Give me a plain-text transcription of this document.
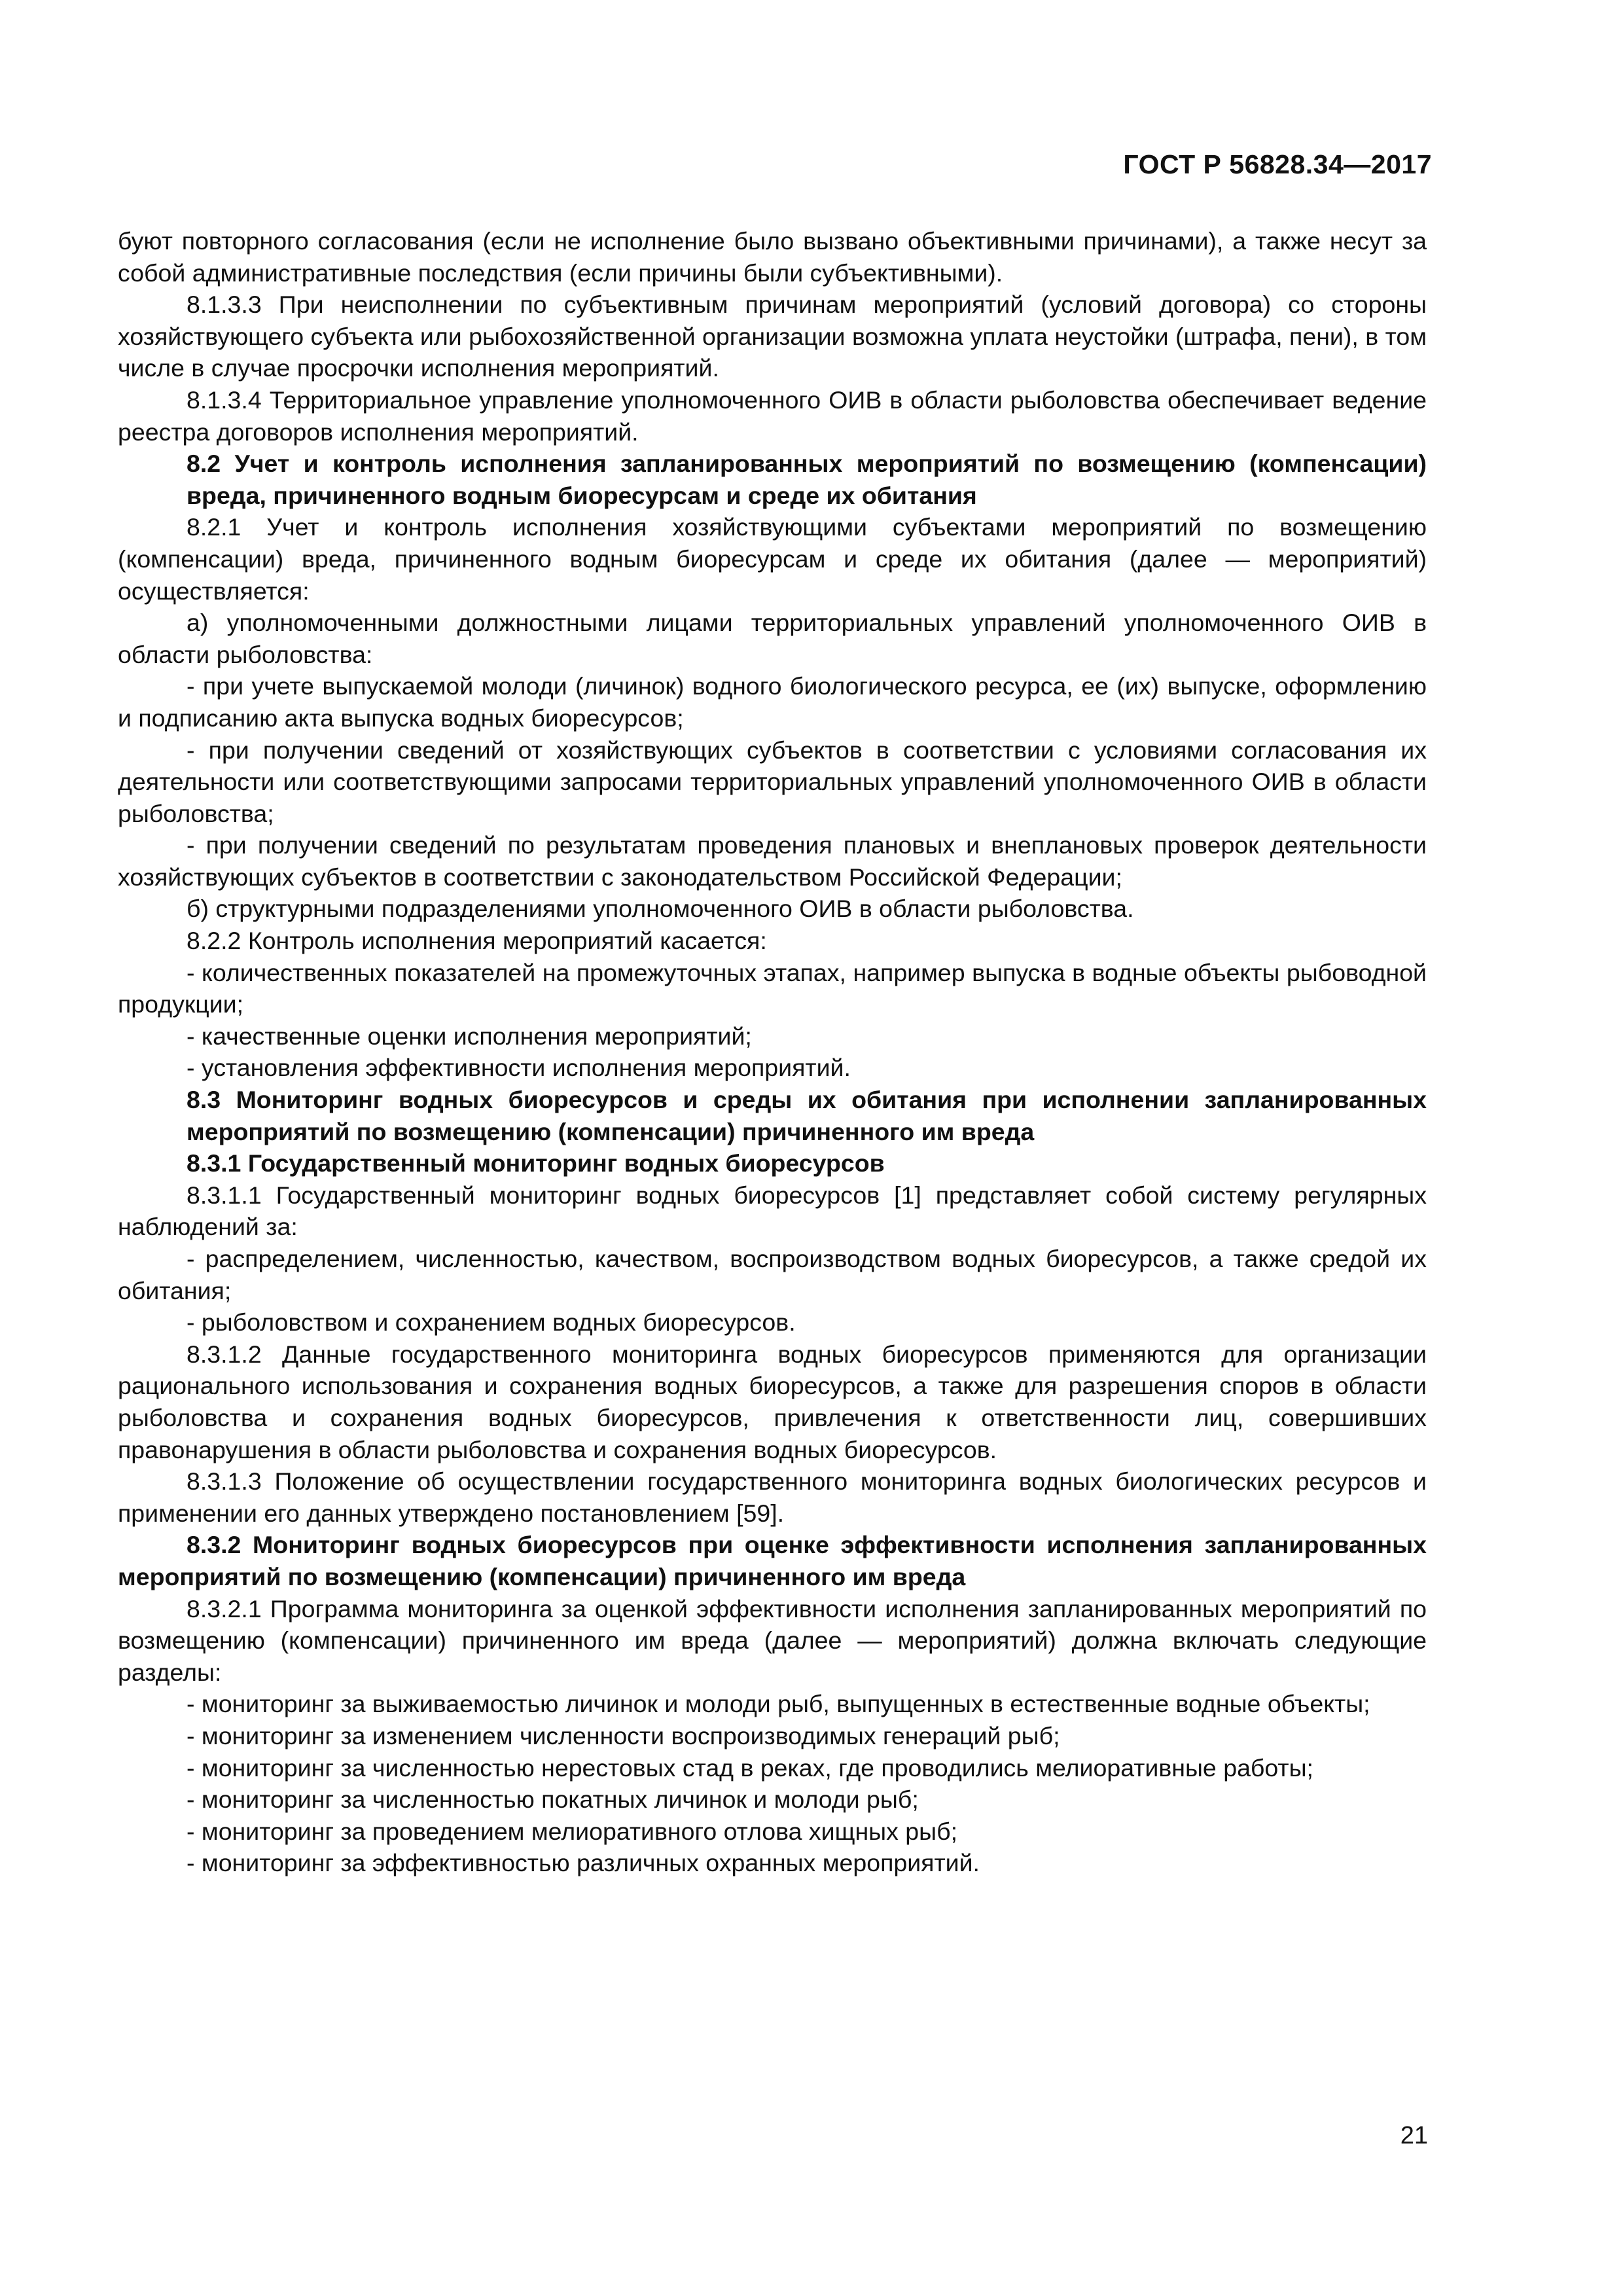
ГОСТ Р 56828.34—2017

буют повторного согласования (если не исполнение было вызвано объективными причинами), а также несут за собой административные последствия (если причины были субъективными).

8.1.3.3 При неисполнении по субъективным причинам мероприятий (условий договора) со стороны хозяйствующего субъекта или рыбохозяйственной организации возможна уплата неустойки (штрафа, пени), в том числе в случае просрочки исполнения мероприятий.

8.1.3.4 Территориальное управление уполномоченного ОИВ в области рыболовства обеспечивает ведение реестра договоров исполнения мероприятий.

8.2 Учет и контроль исполнения запланированных мероприятий по возмещению (компенсации) вреда, причиненного водным биоресурсам и среде их обитания

8.2.1 Учет и контроль исполнения хозяйствующими субъектами мероприятий по возмещению (компенсации) вреда, причиненного водным биоресурсам и среде их обитания (далее — мероприятий) осуществляется:

а) уполномоченными должностными лицами территориальных управлений уполномоченного ОИВ в области рыболовства:

- при учете выпускаемой молоди (личинок) водного биологического ресурса, ее (их) выпуске, оформлению и подписанию акта выпуска водных биоресурсов;

- при получении сведений от хозяйствующих субъектов в соответствии с условиями согласования их деятельности или соответствующими запросами территориальных управлений уполномоченного ОИВ в области рыболовства;

- при получении сведений по результатам проведения плановых и внеплановых проверок деятельности хозяйствующих субъектов в соответствии с законодательством Российской Федерации;

б) структурными подразделениями уполномоченного ОИВ в области рыболовства.

8.2.2 Контроль исполнения мероприятий касается:

- количественных показателей на промежуточных этапах, например выпуска в водные объекты рыбоводной продукции;

- качественные оценки исполнения мероприятий;

- установления эффективности исполнения мероприятий.

8.3 Мониторинг водных биоресурсов и среды их обитания при исполнении запланированных мероприятий по возмещению (компенсации) причиненного им вреда

8.3.1 Государственный мониторинг водных биоресурсов

8.3.1.1 Государственный мониторинг водных биоресурсов [1] представляет собой систему регулярных наблюдений за:

- распределением, численностью, качеством, воспроизводством водных биоресурсов, а также средой их обитания;

- рыболовством и сохранением водных биоресурсов.

8.3.1.2 Данные государственного мониторинга водных биоресурсов применяются для организации рационального использования и сохранения водных биоресурсов, а также для разрешения споров в области рыболовства и сохранения водных биоресурсов, привлечения к ответственности лиц, совершивших правонарушения в области рыболовства и сохранения водных биоресурсов.

8.3.1.3 Положение об осуществлении государственного мониторинга водных биологических ресурсов и применении его данных утверждено постановлением [59].

8.3.2 Мониторинг водных биоресурсов при оценке эффективности исполнения запланированных мероприятий по возмещению (компенсации) причиненного им вреда

8.3.2.1 Программа мониторинга за оценкой эффективности исполнения запланированных мероприятий по возмещению (компенсации) причиненного им вреда (далее — мероприятий) должна включать следующие разделы:

- мониторинг за выживаемостью личинок и молоди рыб, выпущенных в естественные водные объекты;

- мониторинг за изменением численности воспроизводимых генераций рыб;

- мониторинг за численностью нерестовых стад в реках, где проводились мелиоративные работы;

- мониторинг за численностью покатных личинок и молоди рыб;

- мониторинг за проведением мелиоративного отлова хищных рыб;

- мониторинг за эффективностью различных охранных мероприятий.

21
